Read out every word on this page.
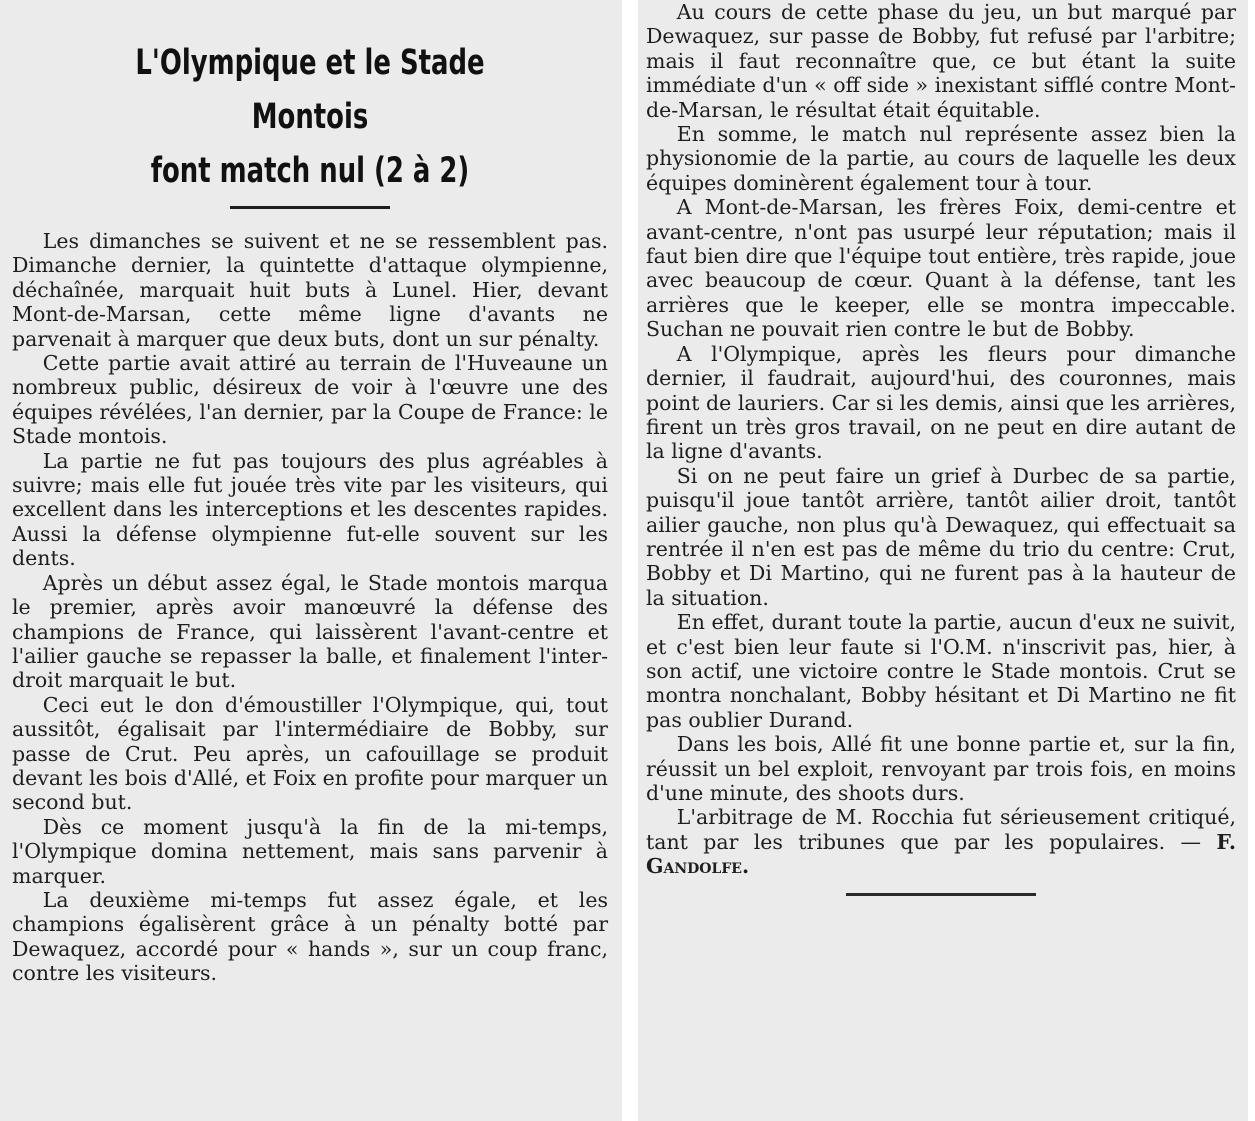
L'Olympique et le Stade Montois
font match nul (2 à 2)

Les dimanches se suivent et ne se ressemblent pas. Dimanche dernier, la quintette d'attaque olympienne, déchaînée, marquait huit buts à Lunel. Hier, devant Mont-de-Marsan, cette même ligne d'avants ne parvenait à marquer que deux buts, dont un sur pénalty.

Cette partie avait attiré au terrain de l'Huveaune un nombreux public, désireux de voir à l'œuvre une des équipes révélées, l'an dernier, par la Coupe de France: le Stade montois.

La partie ne fut pas toujours des plus agréables à suivre; mais elle fut jouée très vite par les visiteurs, qui excellent dans les interceptions et les descentes rapides. Aussi la défense olympienne fut-elle souvent sur les dents.

Après un début assez égal, le Stade montois marqua le premier, après avoir manœuvré la défense des champions de France, qui laissèrent l'avant-centre et l'ailier gauche se repasser la balle, et finalement l'inter-droit marquait le but.

Ceci eut le don d'émoustiller l'Olympique, qui, tout aussitôt, égalisait par l'intermédiaire de Bobby, sur passe de Crut. Peu après, un cafouillage se produit devant les bois d'Allé, et Foix en profite pour marquer un second but.

Dès ce moment jusqu'à la fin de la mi-temps, l'Olympique domina nettement, mais sans parvenir à marquer.

La deuxième mi-temps fut assez égale, et les champions égalisèrent grâce à un pénalty botté par Dewaquez, accordé pour « hands », sur un coup franc, contre les visiteurs.

Au cours de cette phase du jeu, un but marqué par Dewaquez, sur passe de Bobby, fut refusé par l'arbitre; mais il faut reconnaître que, ce but étant la suite immédiate d'un « off side » inexistant sifflé contre Mont-de-Marsan, le résultat était équitable.

En somme, le match nul représente assez bien la physionomie de la partie, au cours de laquelle les deux équipes dominèrent également tour à tour.

A Mont-de-Marsan, les frères Foix, demi-centre et avant-centre, n'ont pas usurpé leur réputation; mais il faut bien dire que l'équipe tout entière, très rapide, joue avec beaucoup de cœur. Quant à la défense, tant les arrières que le keeper, elle se montra impeccable. Suchan ne pouvait rien contre le but de Bobby.

A l'Olympique, après les fleurs pour dimanche dernier, il faudrait, aujourd'hui, des couronnes, mais point de lauriers. Car si les demis, ainsi que les arrières, firent un très gros travail, on ne peut en dire autant de la ligne d'avants.

Si on ne peut faire un grief à Durbec de sa partie, puisqu'il joue tantôt arrière, tantôt ailier droit, tantôt ailier gauche, non plus qu'à Dewaquez, qui effectuait sa rentrée il n'en est pas de même du trio du centre: Crut, Bobby et Di Martino, qui ne furent pas à la hauteur de la situation.

En effet, durant toute la partie, aucun d'eux ne suivit, et c'est bien leur faute si l'O.M. n'inscrivit pas, hier, à son actif, une victoire contre le Stade montois. Crut se montra nonchalant, Bobby hésitant et Di Martino ne fit pas oublier Durand.

Dans les bois, Allé fit une bonne partie et, sur la fin, réussit un bel exploit, renvoyant par trois fois, en moins d'une minute, des shoots durs.

L'arbitrage de M. Rocchia fut sérieusement critiqué, tant par les tribunes que par les populaires. — F. Gandolfe.
